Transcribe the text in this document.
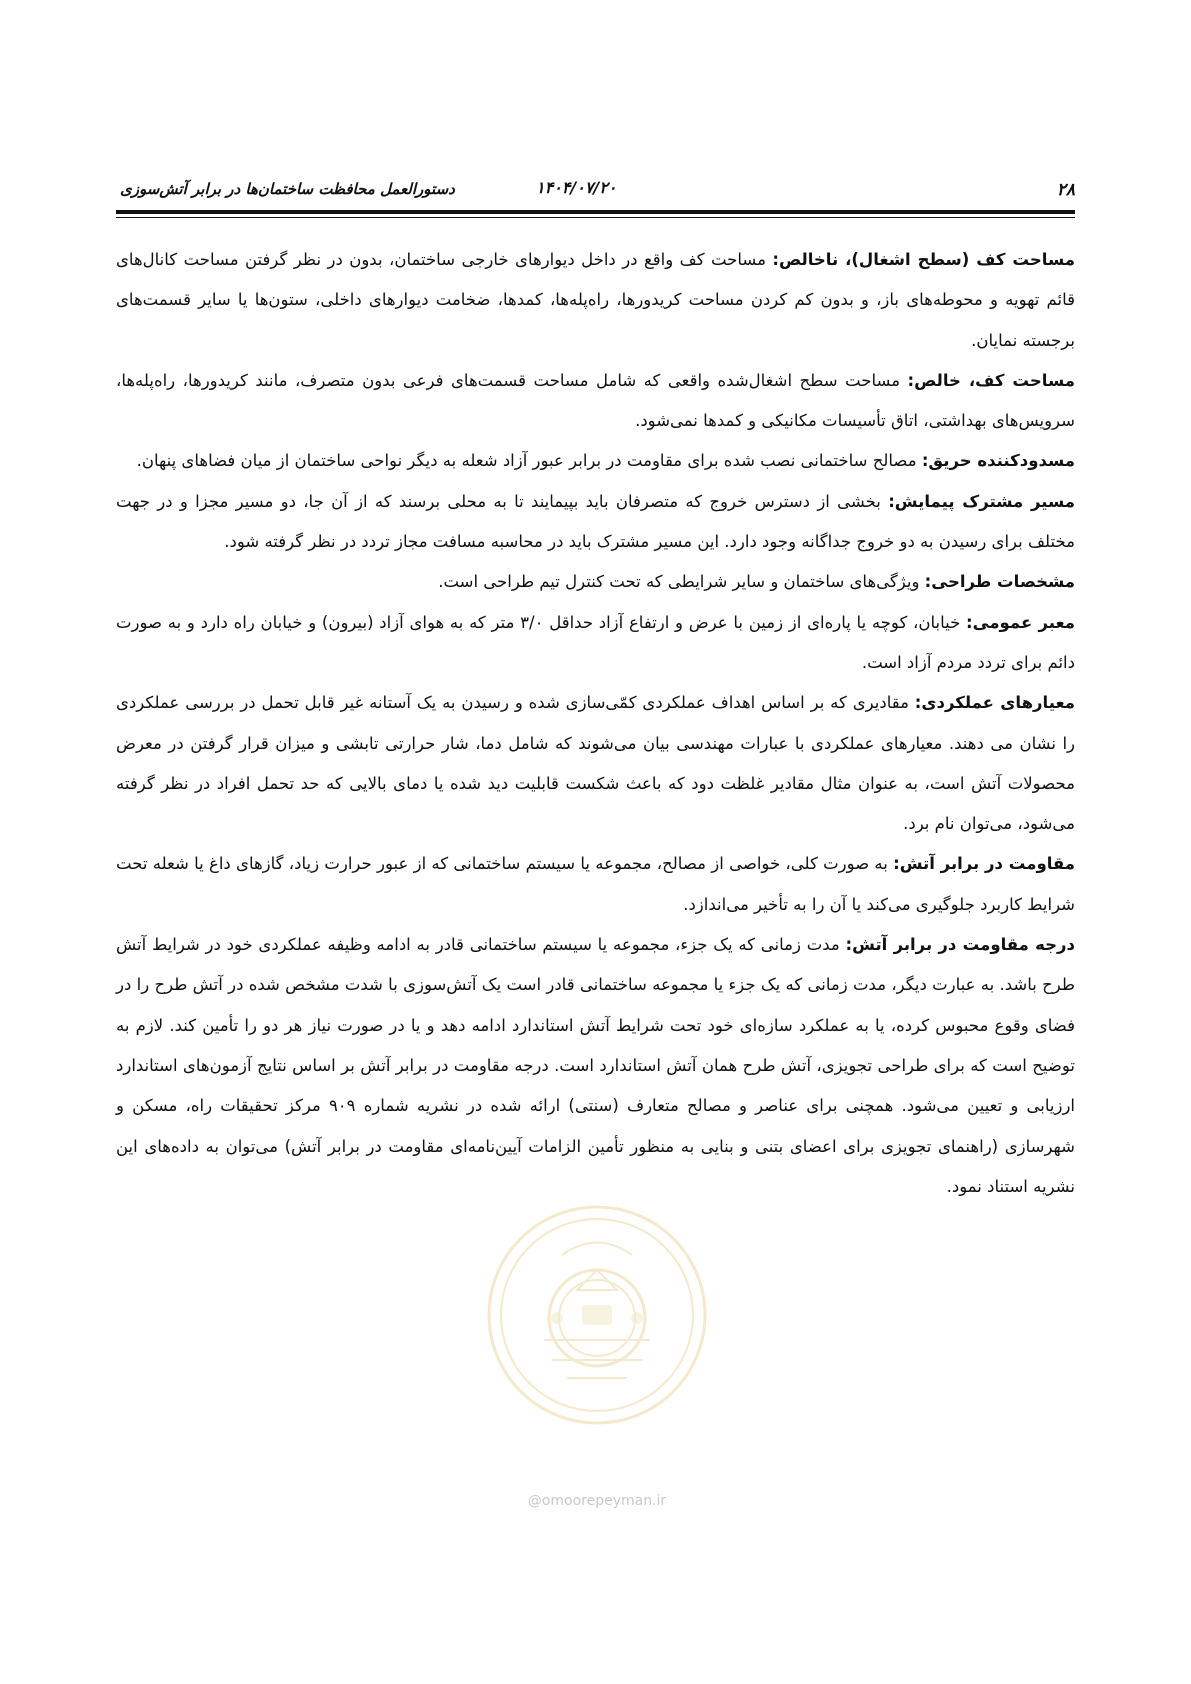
۲۸
۱۴۰۴/۰۷/۲۰
دستورالعمل محافظت ساختمان‌ها در برابر آتش‌سوزی

مساحت کف (سطح اشغال)، ناخالص: مساحت کف واقع در داخل دیوارهای خارجی ساختمان، بدون در نظر گرفتن مساحت کانال‌های قائم تهویه و محوطه‌های باز، و بدون کم کردن مساحت کریدورها، راه‌پله‌ها، کمدها، ضخامت دیوارهای داخلی، ستون‌ها یا سایر قسمت‌های برجسته نمایان.

مساحت کف، خالص: مساحت سطح اشغال‌شده واقعی که شامل مساحت قسمت‌های فرعی بدون متصرف، مانند کریدورها، راه‌پله‌ها، سرویس‌های بهداشتی، اتاق تأسیسات مکانیکی و کمدها نمی‌شود.

مسدودکننده حریق: مصالح ساختمانی نصب شده برای مقاومت در برابر عبور آزاد شعله به دیگر نواحی ساختمان از میان فضاهای پنهان.

مسیر مشترک پیمایش: بخشی از دسترس خروج که متصرفان باید بپیمایند تا به محلی برسند که از آن جا، دو مسیر مجزا و در جهت مختلف برای رسیدن به دو خروج جداگانه وجود دارد. این مسیر مشترک باید در محاسبه مسافت مجاز تردد در نظر گرفته شود.

مشخصات طراحی: ویژگی‌های ساختمان و سایر شرایطی که تحت کنترل تیم طراحی است.

معبر عمومی: خیابان، کوچه یا پاره‌ای از زمین با عرض و ارتفاع آزاد حداقل ۳/۰ متر که به هوای آزاد (بیرون) و خیابان راه دارد و به صورت دائم برای تردد مردم آزاد است.

معیارهای عملکردی: مقادیری که بر اساس اهداف عملکردی کمّی‌سازی شده و رسیدن به یک آستانه غیر قابل تحمل در بررسی عملکردی را نشان می دهند. معیارهای عملکردی با عبارات مهندسی بیان می‌شوند که شامل دما، شار حرارتی تابشی و میزان قرار گرفتن در معرض محصولات آتش است، به عنوان مثال مقادیر غلظت دود که باعث شکست قابلیت دید شده یا دمای بالایی که حد تحمل افراد در نظر گرفته می‌شود، می‌توان نام برد.

مقاومت در برابر آتش: به صورت کلی، خواصی از مصالح، مجموعه یا سیستم ساختمانی که از عبور حرارت زیاد، گازهای داغ یا شعله تحت شرایط کاربرد جلوگیری می‌کند یا آن را به تأخیر می‌اندازد.

درجه مقاومت در برابر آتش: مدت زمانی که یک جزء، مجموعه یا سیستم ساختمانی قادر به ادامه وظیفه عملکردی خود در شرایط آتش طرح باشد. به عبارت دیگر، مدت زمانی که یک جزء یا مجموعه ساختمانی قادر است یک آتش‌سوزی با شدت مشخص شده در آتش طرح را در فضای وقوع محبوس کرده، یا به عملکرد سازه‌ای خود تحت شرایط آتش استاندارد ادامه دهد و یا در صورت نیاز هر دو را تأمین کند. لازم به توضیح است که برای طراحی تجویزی، آتش طرح همان آتش استاندارد است. درجه مقاومت در برابر آتش بر اساس نتایج آزمون‌های استاندارد ارزیابی و تعیین می‌شود. همچنی برای عناصر و مصالح متعارف (سنتی) ارائه شده در نشریه شماره ۹۰۹ مرکز تحقیقات راه، مسکن و شهرسازی (راهنمای تجویزی برای اعضای بتنی و بنایی به منظور تأمین الزامات آیین‌نامه‌ای مقاومت در برابر آتش) می‌توان به داده‌های این نشریه استناد نمود.

@omoorepeyman.ir
